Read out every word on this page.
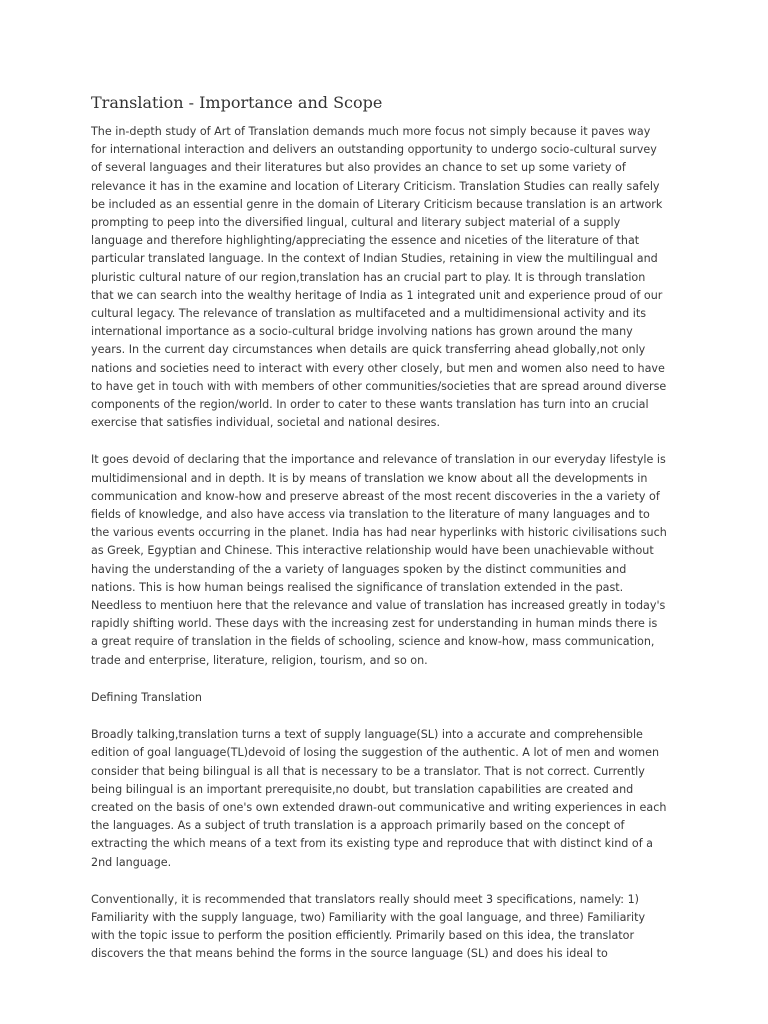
Translation - Importance and Scope
The in-depth study of Art of Translation demands much more focus not simply because it paves way
for international interaction and delivers an outstanding opportunity to undergo socio-cultural survey
of several languages and their literatures but also provides an chance to set up some variety of
relevance it has in the examine and location of Literary Criticism. Translation Studies can really safely
be included as an essential genre in the domain of Literary Criticism because translation is an artwork
prompting to peep into the diversified lingual, cultural and literary subject material of a supply
language and therefore highlighting/appreciating the essence and niceties of the literature of that
particular translated language. In the context of Indian Studies, retaining in view the multilingual and
pluristic cultural nature of our region,translation has an crucial part to play. It is through translation
that we can search into the wealthy heritage of India as 1 integrated unit and experience proud of our
cultural legacy. The relevance of translation as multifaceted and a multidimensional activity and its
international importance as a socio-cultural bridge involving nations has grown around the many
years. In the current day circumstances when details are quick transferring ahead globally,not only
nations and societies need to interact with every other closely, but men and women also need to have
to have get in touch with with members of other communities/societies that are spread around diverse
components of the region/world. In order to cater to these wants translation has turn into an crucial
exercise that satisfies individual, societal and national desires.
It goes devoid of declaring that the importance and relevance of translation in our everyday lifestyle is
multidimensional and in depth. It is by means of translation we know about all the developments in
communication and know-how and preserve abreast of the most recent discoveries in the a variety of
fields of knowledge, and also have access via translation to the literature of many languages and to
the various events occurring in the planet. India has had near hyperlinks with historic civilisations such
as Greek, Egyptian and Chinese. This interactive relationship would have been unachievable without
having the understanding of the a variety of languages spoken by the distinct communities and
nations. This is how human beings realised the significance of translation extended in the past.
Needless to mentiuon here that the relevance and value of translation has increased greatly in today's
rapidly shifting world. These days with the increasing zest for understanding in human minds there is
a great require of translation in the fields of schooling, science and know-how, mass communication,
trade and enterprise, literature, religion, tourism, and so on.
Defining Translation
Broadly talking,translation turns a text of supply language(SL) into a accurate and comprehensible
edition of goal language(TL)devoid of losing the suggestion of the authentic. A lot of men and women
consider that being bilingual is all that is necessary to be a translator. That is not correct. Currently
being bilingual is an important prerequisite,no doubt, but translation capabilities are created and
created on the basis of one's own extended drawn-out communicative and writing experiences in each
the languages. As a subject of truth translation is a approach primarily based on the concept of
extracting the which means of a text from its existing type and reproduce that with distinct kind of a
2nd language.
Conventionally, it is recommended that translators really should meet 3 specifications, namely: 1)
Familiarity with the supply language, two) Familiarity with the goal language, and three) Familiarity
with the topic issue to perform the position efficiently. Primarily based on this idea, the translator
discovers the that means behind the forms in the source language (SL) and does his ideal to
